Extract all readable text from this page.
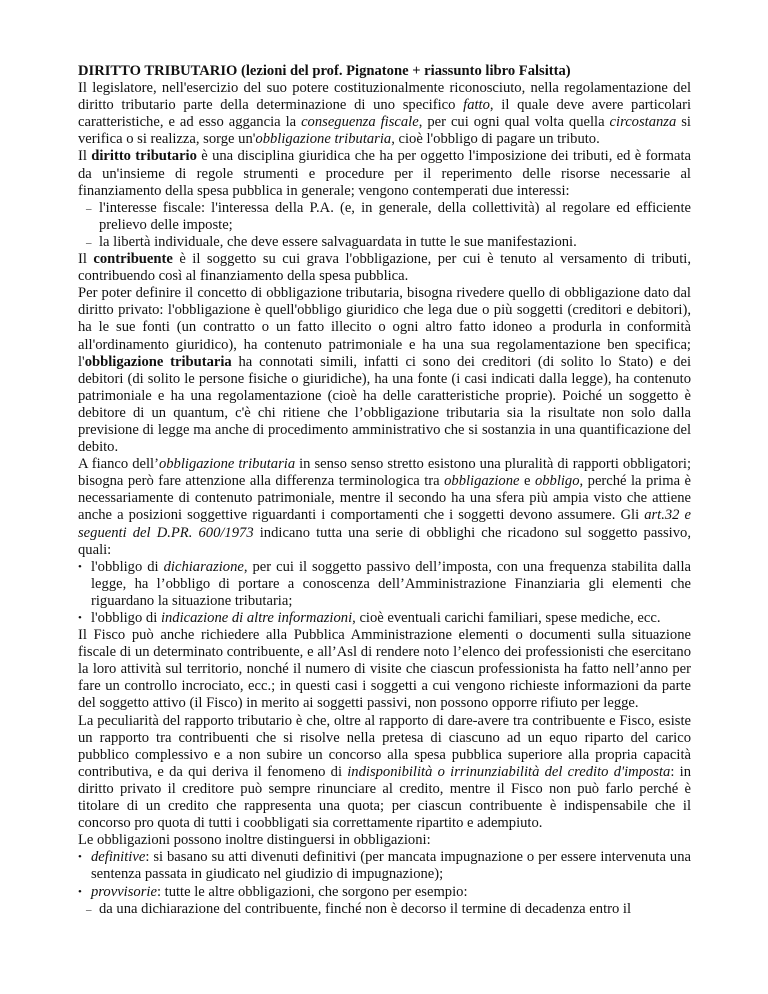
DIRITTO TRIBUTARIO (lezioni del prof. Pignatone + riassunto libro Falsitta)

Il legislatore, nell'esercizio del suo potere costituzionalmente riconosciuto, nella regolamentazione del diritto tributario parte della determinazione di uno specifico fatto, il quale deve avere particolari caratteristiche, e ad esso aggancia la conseguenza fiscale, per cui ogni qual volta quella circostanza si verifica o si realizza, sorge un'obbligazione tributaria, cioè l'obbligo di pagare un tributo.

Il diritto tributario è una disciplina giuridica che ha per oggetto l'imposizione dei tributi, ed è formata da un'insieme di regole strumenti e procedure per il reperimento delle risorse necessarie al finanziamento della spesa pubblica in generale; vengono contemperati due interessi:

– l'interesse fiscale: l'interessa della P.A. (e, in generale, della collettività) al regolare ed efficiente prelievo delle imposte;
– la libertà individuale, che deve essere salvaguardata in tutte le sue manifestazioni.

Il contribuente è il soggetto su cui grava l'obbligazione, per cui è tenuto al versamento di tributi, contribuendo così al finanziamento della spesa pubblica.

Per poter definire il concetto di obbligazione tributaria, bisogna rivedere quello di obbligazione dato dal diritto privato: l'obbligazione è quell'obbligo giuridico che lega due o più soggetti (creditori e debitori), ha le sue fonti (un contratto o un fatto illecito o ogni altro fatto idoneo a produrla in conformità all'ordinamento giuridico), ha contenuto patrimoniale e ha una sua regolamentazione ben specifica; l'obbligazione tributaria ha connotati simili, infatti ci sono dei creditori (di solito lo Stato) e dei debitori (di solito le persone fisiche o giuridiche), ha una fonte (i casi indicati dalla legge), ha contenuto patrimoniale e ha una regolamentazione (cioè ha delle caratteristiche proprie). Poiché un soggetto è debitore di un quantum, c'è chi ritiene che l’obbligazione tributaria sia la risultate non solo dalla previsione di legge ma anche di procedimento amministrativo che si sostanzia in una quantificazione del debito.

A fianco dell’obbligazione tributaria in senso senso stretto esistono una pluralità di rapporti obbligatori; bisogna però fare attenzione alla differenza terminologica tra obbligazione e obbligo, perché la prima è necessariamente di contenuto patrimoniale, mentre il secondo ha una sfera più ampia visto che attiene anche a posizioni soggettive riguardanti i comportamenti che i soggetti devono assumere. Gli art.32 e seguenti del D.PR. 600/1973 indicano tutta una serie di obblighi che ricadono sul soggetto passivo, quali:

• l'obbligo di dichiarazione, per cui il soggetto passivo dell’imposta, con una frequenza stabilita dalla legge, ha l’obbligo di portare a conoscenza dell’Amministrazione Finanziaria gli elementi che riguardano la situazione tributaria;
• l'obbligo di indicazione di altre informazioni, cioè eventuali carichi familiari, spese mediche, ecc.

Il Fisco può anche richiedere alla Pubblica Amministrazione elementi o documenti sulla situazione fiscale di un determinato contribuente, e all’Asl di rendere noto l’elenco dei professionisti che esercitano la loro attività sul territorio, nonché il numero di visite che ciascun professionista ha fatto nell’anno per fare un controllo incrociato, ecc.; in questi casi i soggetti a cui vengono richieste informazioni da parte del soggetto attivo (il Fisco) in merito ai soggetti passivi, non possono opporre rifiuto per legge.

La peculiarità del rapporto tributario è che, oltre al rapporto di dare-avere tra contribuente e Fisco, esiste un rapporto tra contribuenti che si risolve nella pretesa di ciascuno ad un equo riparto del carico pubblico complessivo e a non subire un concorso alla spesa pubblica superiore alla propria capacità contributiva, e da qui deriva il fenomeno di indisponibilità o irrinunziabilità del credito d'imposta: in diritto privato il creditore può sempre rinunciare al credito, mentre il Fisco non può farlo perché è titolare di un credito che rappresenta una quota; per ciascun contribuente è indispensabile che il concorso pro quota di tutti i coobbligati sia correttamente ripartito e adempiuto.

Le obbligazioni possono inoltre distinguersi in obbligazioni:

• definitive: si basano su atti divenuti definitivi (per mancata impugnazione o per essere intervenuta una sentenza passata in giudicato nel giudizio di impugnazione);
• provvisorie: tutte le altre obbligazioni, che sorgono per esempio:
– da una dichiarazione del contribuente, finché non è decorso il termine di decadenza entro il
